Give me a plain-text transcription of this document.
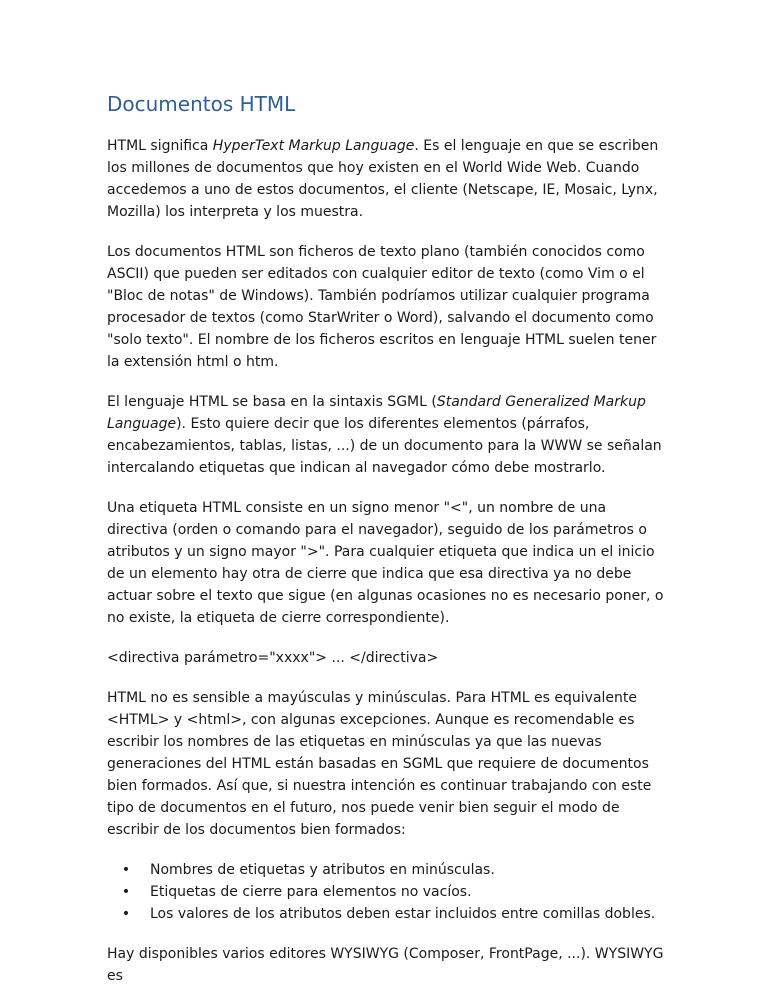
Documentos HTML

HTML significa HyperText Markup Language. Es el lenguaje en que se escriben los millones de documentos que hoy existen en el World Wide Web. Cuando accedemos a uno de estos documentos, el cliente (Netscape, IE, Mosaic, Lynx, Mozilla) los interpreta y los muestra.

Los documentos HTML son ficheros de texto plano (también conocidos como ASCII) que pueden ser editados con cualquier editor de texto (como Vim o el "Bloc de notas" de Windows). También podríamos utilizar cualquier programa procesador de textos (como StarWriter o Word), salvando el documento como "solo texto". El nombre de los ficheros escritos en lenguaje HTML suelen tener la extensión html o htm.

El lenguaje HTML se basa en la sintaxis SGML (Standard Generalized Markup Language). Esto quiere decir que los diferentes elementos (párrafos, encabezamientos, tablas, listas, ...) de un documento para la WWW se señalan intercalando etiquetas que indican al navegador cómo debe mostrarlo.

Una etiqueta HTML consiste en un signo menor "<", un nombre de una directiva (orden o comando para el navegador), seguido de los parámetros o atributos y un signo mayor ">". Para cualquier etiqueta que indica un el inicio de un elemento hay otra de cierre que indica que esa directiva ya no debe actuar sobre el texto que sigue (en algunas ocasiones no es necesario poner, o no existe, la etiqueta de cierre correspondiente).

<directiva parámetro="xxxx"> ... </directiva>

HTML no es sensible a mayúsculas y minúsculas. Para HTML es equivalente <HTML> y <html>, con algunas excepciones. Aunque es recomendable es escribir los nombres de las etiquetas en minúsculas ya que las nuevas generaciones del HTML están basadas en SGML que requiere de documentos bien formados. Así que, si nuestra intención es continuar trabajando con este tipo de documentos en el futuro, nos puede venir bien seguir el modo de escribir de los documentos bien formados:

• Nombres de etiquetas y atributos en minúsculas.
• Etiquetas de cierre para elementos no vacíos.
• Los valores de los atributos deben estar incluidos entre comillas dobles.

Hay disponibles varios editores WYSIWYG (Composer, FrontPage, ...). WYSIWYG es
